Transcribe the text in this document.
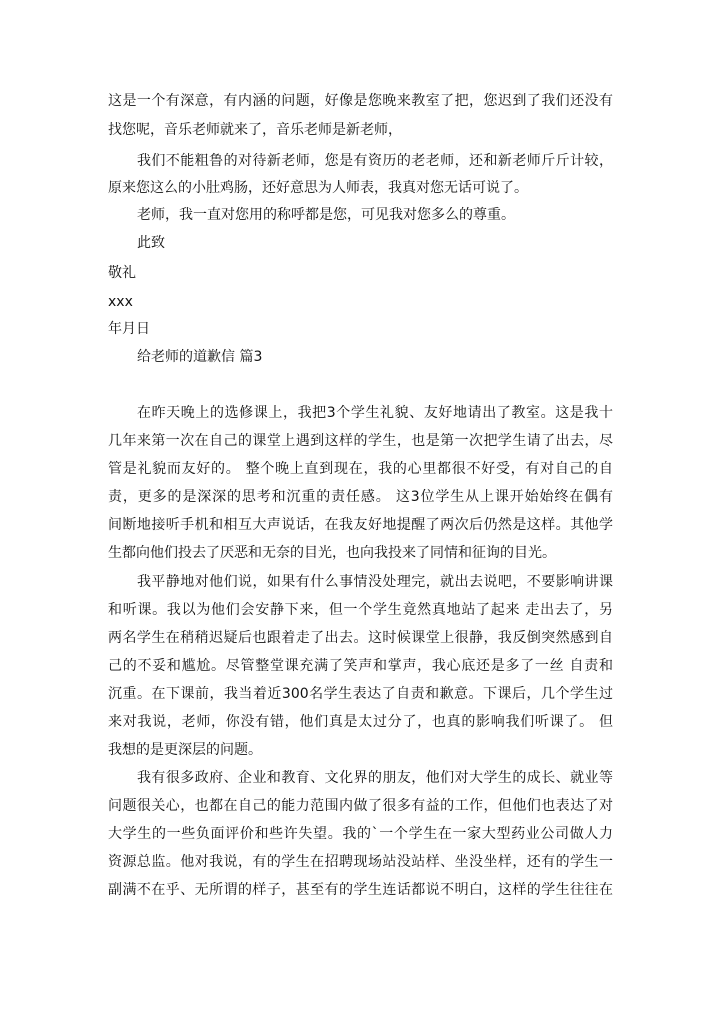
这是一个有深意，有内涵的问题，好像是您晚来教室了把，您迟到了我们还没有
找您呢，音乐老师就来了，音乐老师是新老师，
我们不能粗鲁的对待新老师，您是有资历的老老师，还和新老师斤斤计较，
原来您这么的小肚鸡肠，还好意思为人师表，我真对您无话可说了。
老师，我一直对您用的称呼都是您，可见我对您多么的尊重。
此致
敬礼
xxx
年月日
给老师的道歉信 篇3
在昨天晚上的选修课上，我把3个学生礼貌、友好地请出了教室。这是我十
几年来第一次在自己的课堂上遇到这样的学生，也是第一次把学生请了出去，尽
管是礼貌而友好的。 整个晚上直到现在，我的心里都很不好受，有对自己的自
责，更多的是深深的思考和沉重的责任感。 这3位学生从上课开始始终在偶有
间断地接听手机和相互大声说话，在我友好地提醒了两次后仍然是这样。其他学
生都向他们投去了厌恶和无奈的目光，也向我投来了同情和征询的目光。
我平静地对他们说，如果有什么事情没处理完，就出去说吧，不要影响讲课
和听课。我以为他们会安静下来，但一个学生竟然真地站了起来 走出去了，另
两名学生在稍稍迟疑后也跟着走了出去。这时候课堂上很静，我反倒突然感到自
己的不妥和尴尬。尽管整堂课充满了笑声和掌声，我心底还是多了一丝 自责和
沉重。在下课前，我当着近300名学生表达了自责和歉意。下课后，几个学生过
来对我说，老师，你没有错，他们真是太过分了，也真的影响我们听课了。 但
我想的是更深层的问题。
我有很多政府、企业和教育、文化界的朋友，他们对大学生的成长、就业等
问题很关心，也都在自己的能力范围内做了很多有益的工作，但他们也表达了对
大学生的一些负面评价和些许失望。我的`一个学生在一家大型药业公司做人力
资源总监。他对我说，有的学生在招聘现场站没站样、坐没坐样，还有的学生一
副满不在乎、无所谓的样子，甚至有的学生连话都说不明白，这样的学生往往在
